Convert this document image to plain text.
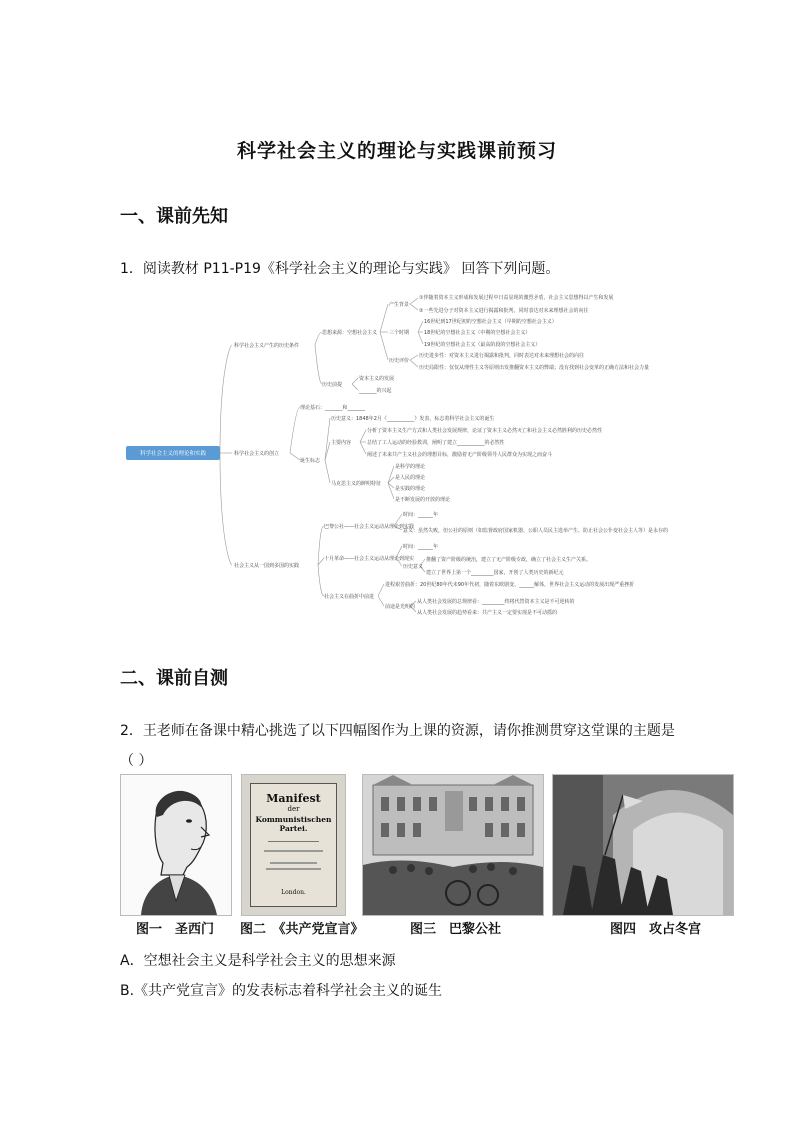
科学社会主义的理论与实践课前预习
一、课前先知
1．阅读教材 P11-P19《科学社会主义的理论与实践》 回答下列问题。
科学社会主义的理论和实践
科学社会主义产生的历史条件
思想来源：空想社会主义
产生背景
①伴随着资本主义形成和发展过程中日益显现的激烈矛盾，社会主义思想得以产生和发展
②一些先进分子对资本主义进行揭露和批判，同时表达对未来理想社会的向往
三个时期
16世纪到17世纪初的空想社会主义（早期的空想社会主义）
18世纪的空想社会主义（中期的空想社会主义）
19世纪的空想社会主义（最高阶段的空想社会主义）
历史评价
历史进步性：对资本主义进行揭露和批判，同时表达对未来理想社会的向往
历史局限性：仅仅从理性主义等原则出发推翻资本主义的弊端；没有找到社会变革的正确方法和社会力量
历史前提
资本主义的发展
_______的兴起
科学社会主义的创立
理论基石：_______和_______
诞生标志
历史意义：1848年2月《___________》发表，标志着科学社会主义的诞生
主要内容
分析了资本主义生产方式和人类社会发展规律，论证了资本主义必然灭亡和社会主义必然胜利的历史必然性
总结了工人运动的经验教训，阐明了建立___________的必然性
阐述了未来共产主义社会的理想目标，激励着无产阶级领导人民群众为实现之而奋斗
马克思主义的鲜明特征
是科学的理论
是人民的理论
是实践的理论
是不断发展的开放的理论
社会主义从一国到多国的实践
巴黎公社——社会主义运动从理论到实践
时间：______年
意义：虽然失败，但公社的原则（如监督政府国家机器、公职人员民主选举产生、防止社会公仆变社会主人等）是永存的
十月革命——社会主义运动从理论到现实
时间：______年
历史意义
推翻了资产阶级的统治，建立了无产阶级专政，确立了社会主义生产关系。
建立了世界上第一个_________国家，开创了人类历史的新纪元
社会主义在曲折中前进
进程艰苦曲折：20世纪80年代末90年代初，随着东欧剧变、______解体，世界社会主义运动的发展出现严重挫折
前途是光明的
从人类社会发展的总规律看：_________终将代替资本主义是不可逆转的
从人类社会发展的趋势看来：共产主义一定要实现是不可动摇的
二、课前自测
2．王老师在备课中精心挑选了以下四幅图作为上课的资源，请你推测贯穿这堂课的主题是
（ ）
Manifest
der
Kommunistischen Partei.
London.
图一　圣西门 图二　《共产党宣言》	图三　巴黎公社	图四　攻占冬宫
A．空想社会主义是科学社会主义的思想来源
B.《共产党宣言》的发表标志着科学社会主义的诞生
